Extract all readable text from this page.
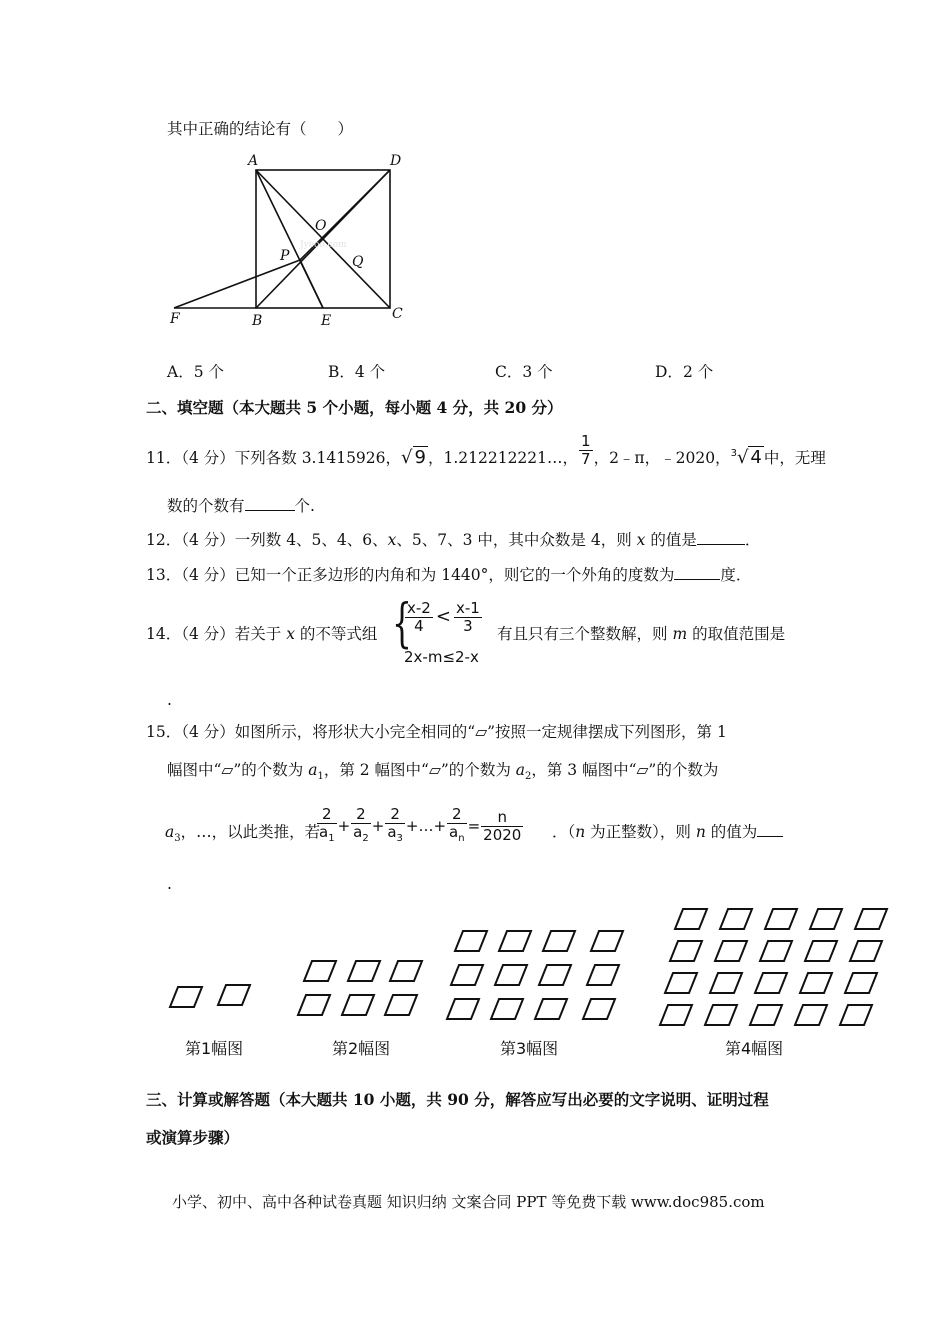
其中正确的结论有（　　）
Jyeoo.com
A	D
O
P	Q
F	B	E	C
A．5 个	B．4 个	C．3 个	D．2 个
二、填空题（本大题共 5 个小题，每小题 4 分，共 20 分）
11．（4 分）下列各数 3.1415926，√ 9 ，1.212212221…， $\frac{1}{7}$ ，2﹣π，﹣2020，$^3$√ 4 中，无理
数的个数有	个.
12．（4 分）一列数 4、5、4、6、x、5、7、3 中，其中众数是 4，则 x 的值是	．
13．（4 分）已知一个正多边形的内角和为 1440°，则它的一个外角的度数为	度．
14．（4 分）若关于 x 的不等式组 {
$\frac{x-2}{4} < \frac{x-1}{3}$
2x-m≤2-x
有且只有三个整数解，则 m 的取值范围是
.
15．（4 分）如图所示，将形状大小完全相同的“▱”按照一定规律摆成下列图形，第 1
幅图中“▱”的个数为 $a_1$，第 2 幅图中“▱”的个数为 $a_2$，第 3 幅图中“▱”的个数为
$a_3$，…，以此类推，若
$\frac{2}{a_1} + \frac{2}{a_2} + \frac{2}{a_3}$ +…+ $\frac{2}{a_n} = \frac{n}{2020}$ ．（n 为正整数），则 n 的值为
.
第1幅图	第2幅图	第3幅图	第4幅图
三、计算或解答题（本大题共 10 小题，共 90 分，解答应写出必要的文字说明、证明过程
或演算步骤）
小学、初中、高中各种试卷真题 知识归纳 文案合同 PPT 等免费下载 www.doc985.com
